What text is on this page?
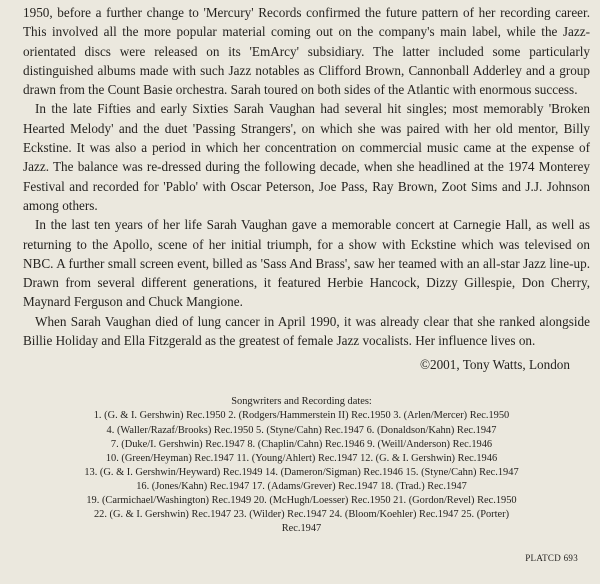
1950, before a further change to 'Mercury' Records confirmed the future pattern of her recording career. This involved all the more popular material coming out on the company's main label, while the Jazz-orientated discs were released on its 'EmArcy' subsidiary. The latter included some particularly distinguished albums made with such Jazz notables as Clifford Brown, Cannonball Adderley and a group drawn from the Count Basie orchestra. Sarah toured on both sides of the Atlantic with enormous success.

In the late Fifties and early Sixties Sarah Vaughan had several hit singles; most memorably 'Broken Hearted Melody' and the duet 'Passing Strangers', on which she was paired with her old mentor, Billy Eckstine. It was also a period in which her concentration on commercial music came at the expense of Jazz. The balance was re-dressed during the following decade, when she headlined at the 1974 Monterey Festival and recorded for 'Pablo' with Oscar Peterson, Joe Pass, Ray Brown, Zoot Sims and J.J. Johnson among others.

In the last ten years of her life Sarah Vaughan gave a memorable concert at Carnegie Hall, as well as returning to the Apollo, scene of her initial triumph, for a show with Eckstine which was televised on NBC. A further small screen event, billed as 'Sass And Brass', saw her teamed with an all-star Jazz line-up. Drawn from several different generations, it featured Herbie Hancock, Dizzy Gillespie, Don Cherry, Maynard Ferguson and Chuck Mangione.

When Sarah Vaughan died of lung cancer in April 1990, it was already clear that she ranked alongside Billie Holiday and Ella Fitzgerald as the greatest of female Jazz vocalists. Her influence lives on.

©2001, Tony Watts, London
Songwriters and Recording dates:
1. (G. & I. Gershwin) Rec.1950 2. (Rodgers/Hammerstein II) Rec.1950 3. (Arlen/Mercer) Rec.1950
4. (Waller/Razaf/Brooks) Rec.1950 5. (Styne/Cahn) Rec.1947 6. (Donaldson/Kahn) Rec.1947
7. (Duke/I. Gershwin) Rec.1947 8. (Chaplin/Cahn) Rec.1946 9. (Weill/Anderson) Rec.1946
10. (Green/Heyman) Rec.1947 11. (Young/Ahlert) Rec.1947 12. (G. & I. Gershwin) Rec.1946
13. (G. & I. Gershwin/Heyward) Rec.1949 14. (Dameron/Sigman) Rec.1946 15. (Styne/Cahn) Rec.1947
16. (Jones/Kahn) Rec.1947 17. (Adams/Grever) Rec.1947 18. (Trad.) Rec.1947
19. (Carmichael/Washington) Rec.1949 20. (McHugh/Loesser) Rec.1950 21. (Gordon/Revel) Rec.1950
22. (G. & I. Gershwin) Rec.1947 23. (Wilder) Rec.1947 24. (Bloom/Koehler) Rec.1947 25. (Porter)
Rec.1947
PLATCD 693
